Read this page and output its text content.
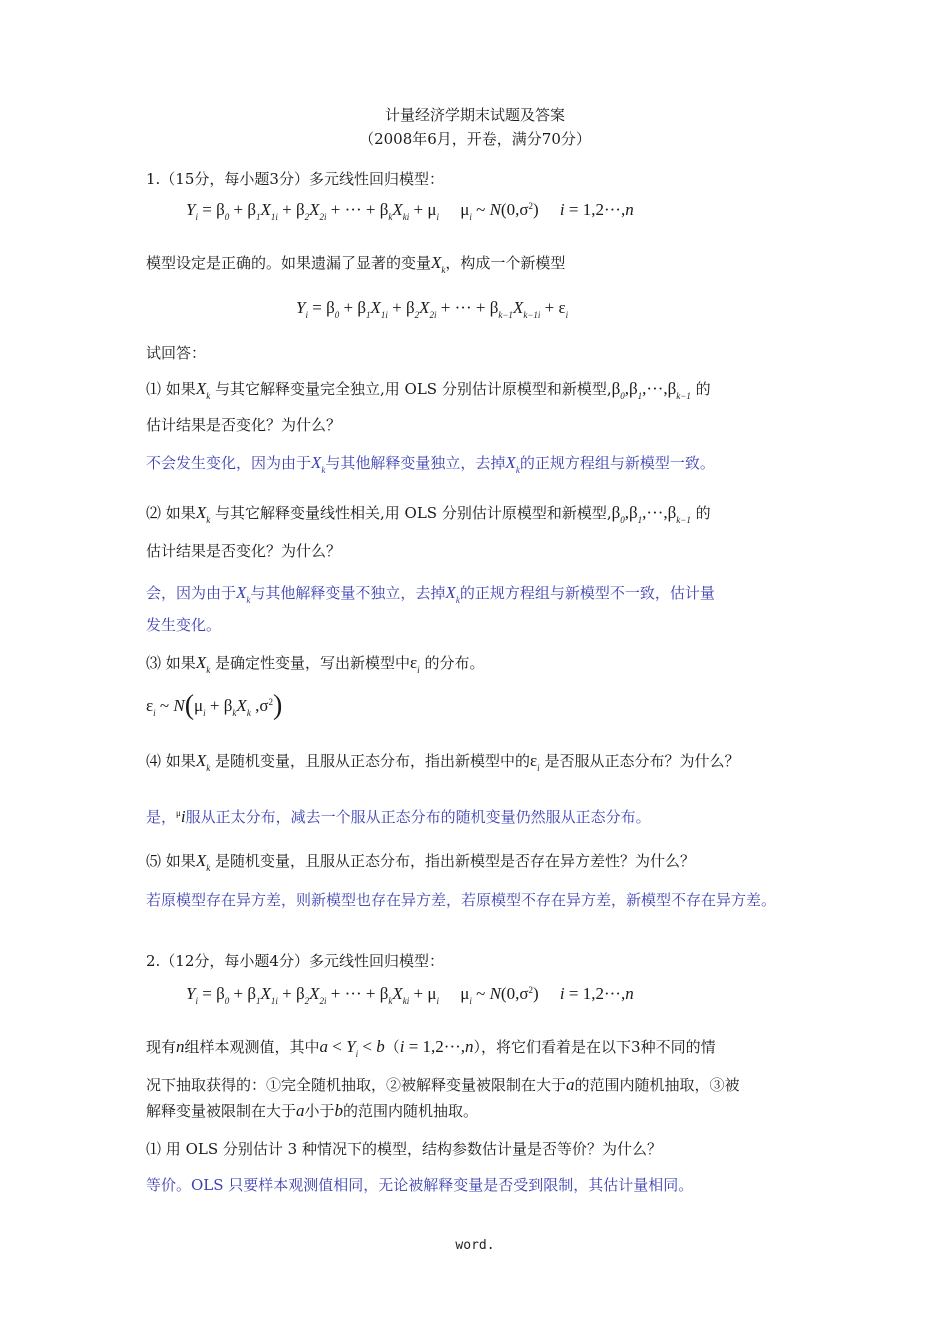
计量经济学期末试题及答案
（2008年6月，开卷，满分70分）
1.（15分，每小题3分）多元线性回归模型：
$Y_i = \beta_0 + \beta_1X_{1i} + \beta_2X_{2i}$ + ··· + $\beta_kX_{ki} + \mu_i$     $\mu_i$ ~ $N(0,\sigma^2)$     i = 1,2···,n
模型设定是正确的。如果遗漏了显著的变量$X_k$，构成一个新模型
$Y_i = \beta_0 + \beta_1X_{1i} + \beta_2X_{2i}$ + ··· + $\beta_{k-1}X_{k-1i} + \varepsilon_i$
试回答：
⑴ 如果$X_k$ 与其它解释变量完全独立,用 OLS 分别估计原模型和新模型$,\beta_0,\beta_1,\cdot\cdot\cdot,\beta_{k-1}$ 的
估计结果是否变化？为什么？
不会发生变化，因为由于$X_k$与其他解释变量独立，去掉$X_k$的正规方程组与新模型一致。
⑵ 如果$X_k$ 与其它解释变量线性相关,用 OLS 分别估计原模型和新模型$,\beta_0,\beta_1,\cdot\cdot\cdot,\beta_{k-1}$ 的
估计结果是否变化？为什么？
会，因为由于$X_k$与其他解释变量不独立，去掉$X_k$的正规方程组与新模型不一致，估计量
发生变化。
⑶ 如果$X_k$ 是确定性变量，写出新模型中$\varepsilon_i$ 的分布。
$\varepsilon_i$ ~ $N(\mu_i + \beta_kX_k$ $,\sigma^2$)
⑷ 如果$X_k$ 是随机变量，且服从正态分布，指出新模型中的$\varepsilon_i$ 是否服从正态分布？为什么？
是，$^\mu$i服从正太分布，减去一个服从正态分布的随机变量仍然服从正态分布。
⑸ 如果$X_k$ 是随机变量，且服从正态分布，指出新模型是否存在异方差性？为什么？
若原模型存在异方差，则新模型也存在异方差，若原模型不存在异方差，新模型不存在异方差。
2.（12分，每小题4分）多元线性回归模型：
$Y_i = \beta_0 + \beta_1X_{1i} + \beta_2X_{2i}$ + ··· + $\beta_kX_{ki} + \mu_i$     $\mu_i$ ~ $N(0,\sigma^2)$     i = 1,2···,n
现有n组样本观测值，其中$a < Y_i < b(i = 1,2\cdot\cdot\cdot,n)$，将它们看着是在以下3种不同的情
况下抽取获得的：①完全随机抽取，②被解释变量被限制在大于a的范围内随机抽取，③被
解释变量被限制在大于a小于b的范围内随机抽取。
⑴ 用 OLS 分别估计 3 种情况下的模型，结构参数估计量是否等价？为什么？
等价。OLS 只要样本观测值相同，无论被解释变量是否受到限制，其估计量相同。
word.
